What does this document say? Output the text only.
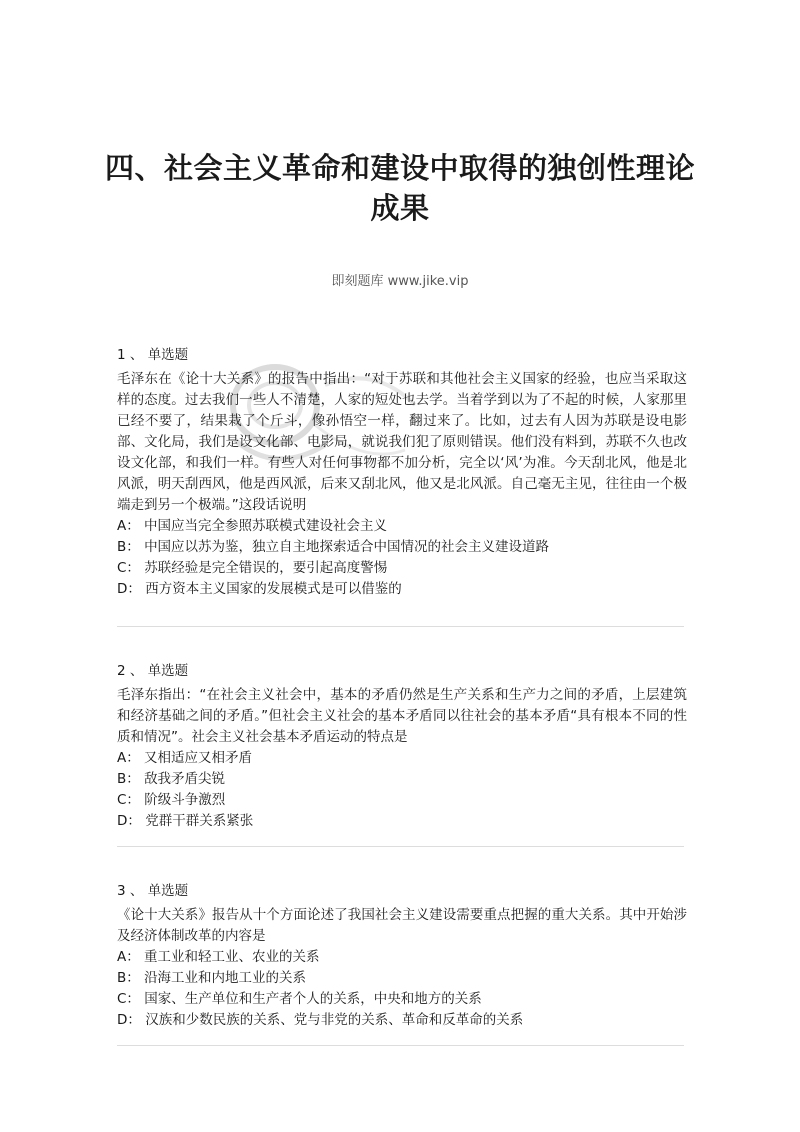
四、社会主义革命和建设中取得的独创性理论成果
即刻题库 www.jike.vip
1 、 单选题
毛泽东在《论十大关系》的报告中指出：“对于苏联和其他社会主义国家的经验，也应当采取这样的态度。过去我们一些人不清楚，人家的短处也去学。当着学到以为了不起的时候，人家那里已经不要了，结果栽了个斤斗，像孙悟空一样，翻过来了。比如，过去有人因为苏联是设电影部、文化局，我们是设文化部、电影局，就说我们犯了原则错误。他们没有料到，苏联不久也改设文化部，和我们一样。有些人对任何事物都不加分析，完全以‘风’为准。今天刮北风，他是北风派，明天刮西风，他是西风派，后来又刮北风，他又是北风派。自己毫无主见，往往由一个极端走到另一个极端。”这段话说明
A： 中国应当完全参照苏联模式建设社会主义
B： 中国应以苏为鉴，独立自主地探索适合中国情况的社会主义建设道路
C： 苏联经验是完全错误的，要引起高度警惕
D： 西方资本主义国家的发展模式是可以借鉴的
2 、 单选题
毛泽东指出：“在社会主义社会中，基本的矛盾仍然是生产关系和生产力之间的矛盾，上层建筑和经济基础之间的矛盾。”但社会主义社会的基本矛盾同以往社会的基本矛盾“具有根本不同的性质和情况”。社会主义社会基本矛盾运动的特点是
A： 又相适应又相矛盾
B： 敌我矛盾尖锐
C： 阶级斗争激烈
D： 党群干群关系紧张
3 、 单选题
《论十大关系》报告从十个方面论述了我国社会主义建设需要重点把握的重大关系。其中开始涉及经济体制改革的内容是
A： 重工业和轻工业、农业的关系
B： 沿海工业和内地工业的关系
C： 国家、生产单位和生产者个人的关系，中央和地方的关系
D： 汉族和少数民族的关系、党与非党的关系、革命和反革命的关系
